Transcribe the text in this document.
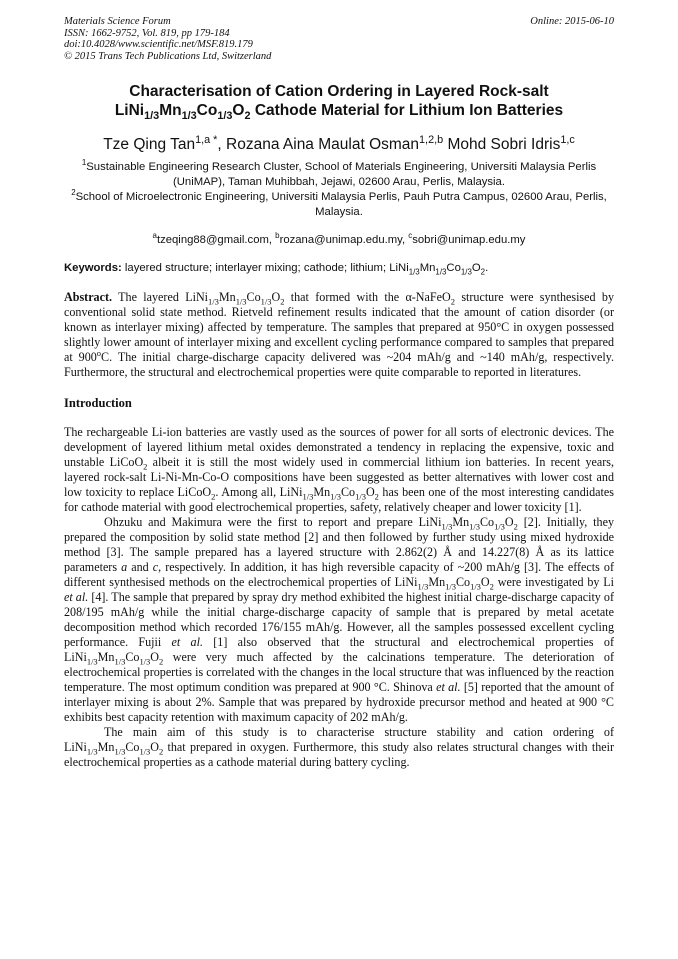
Materials Science Forum
ISSN: 1662-9752, Vol. 819, pp 179-184
doi:10.4028/www.scientific.net/MSF.819.179
© 2015 Trans Tech Publications Ltd, Switzerland
Online: 2015-06-10
Characterisation of Cation Ordering in Layered Rock-salt
$LiNi_{1/3}Mn_{1/3}Co_{1/3}O_2$ Cathode Material for Lithium Ion Batteries
Tze Qing Tan$^{1,a *}$, Rozana Aina Maulat Osman$^{1,2,b}$ Mohd Sobri Idris$^{1,c}$
$^1$Sustainable Engineering Research Cluster, School of Materials Engineering, Universiti Malaysia Perlis (UniMAP), Taman Muhibbah, Jejawi, 02600 Arau, Perlis, Malaysia.
$^2$School of Microelectronic Engineering, Universiti Malaysia Perlis, Pauh Putra Campus, 02600 Arau, Perlis, Malaysia.
$^a$tzeqing88@gmail.com, $^b$rozana@unimap.edu.my, $^c$sobri@unimap.edu.my
Keywords: layered structure; interlayer mixing; cathode; lithium; $LiNi_{1/3}Mn_{1/3}Co_{1/3}O_2$.

Abstract. The layered $LiNi_{1/3}Mn_{1/3}Co_{1/3}O_2$ that formed with the α-NaFeO$_2$ structure were synthesised by conventional solid state method. Rietveld refinement results indicated that the amount of cation disorder (or known as interlayer mixing) affected by temperature. The samples that prepared at 950°C in oxygen possessed slightly lower amount of interlayer mixing and excellent cycling performance compared to samples that prepared at 900$^o$C. The initial charge-discharge capacity delivered was ~204 mAh/g and ~140 mAh/g, respectively. Furthermore, the structural and electrochemical properties were quite comparable to reported in literatures.

Introduction

The rechargeable Li-ion batteries are vastly used as the sources of power for all sorts of electronic devices. The development of layered lithium metal oxides demonstrated a tendency in replacing the expensive, toxic and unstable LiCoO$_2$ albeit it is still the most widely used in commercial lithium ion batteries. In recent years, layered rock-salt Li-Ni-Mn-Co-O compositions have been suggested as better alternatives with lower cost and low toxicity to replace LiCoO$_2$. Among all, $LiNi_{1/3}Mn_{1/3}Co_{1/3}O_2$ has been one of the most interesting candidates for cathode material with good electrochemical properties, safety, relatively cheaper and lower toxicity [1].

Ohzuku and Makimura were the first to report and prepare $LiNi_{1/3}Mn_{1/3}Co_{1/3}O_2$ [2]. Initially, they prepared the composition by solid state method [2] and then followed by further study using mixed hydroxide method [3]. The sample prepared has a layered structure with 2.862(2) Å and 14.227(8) Å as its lattice parameters a and c, respectively. In addition, it has high reversible capacity of ~200 mAh/g [3]. The effects of different synthesised methods on the electrochemical properties of $LiNi_{1/3}Mn_{1/3}Co_{1/3}O_2$ were investigated by Li et al. [4]. The sample that prepared by spray dry method exhibited the highest initial charge-discharge capacity of 208/195 mAh/g while the initial charge-discharge capacity of sample that is prepared by metal acetate decomposition method which recorded 176/155 mAh/g. However, all the samples possessed excellent cycling performance. Fujii et al. [1] also observed that the structural and electrochemical properties of $LiNi_{1/3}Mn_{1/3}Co_{1/3}O_2$ were very much affected by the calcinations temperature. The deterioration of electrochemical properties is correlated with the changes in the local structure that was influenced by the reaction temperature. The most optimum condition was prepared at 900 °C. Shinova et al. [5] reported that the amount of interlayer mixing is about 2%. Sample that was prepared by hydroxide precursor method and heated at 900 °C exhibits best capacity retention with maximum capacity of 202 mAh/g.

The main aim of this study is to characterise structure stability and cation ordering of $LiNi_{1/3}Mn_{1/3}Co_{1/3}O_2$ that prepared in oxygen. Furthermore, this study also relates structural changes with their electrochemical properties as a cathode material during battery cycling.
